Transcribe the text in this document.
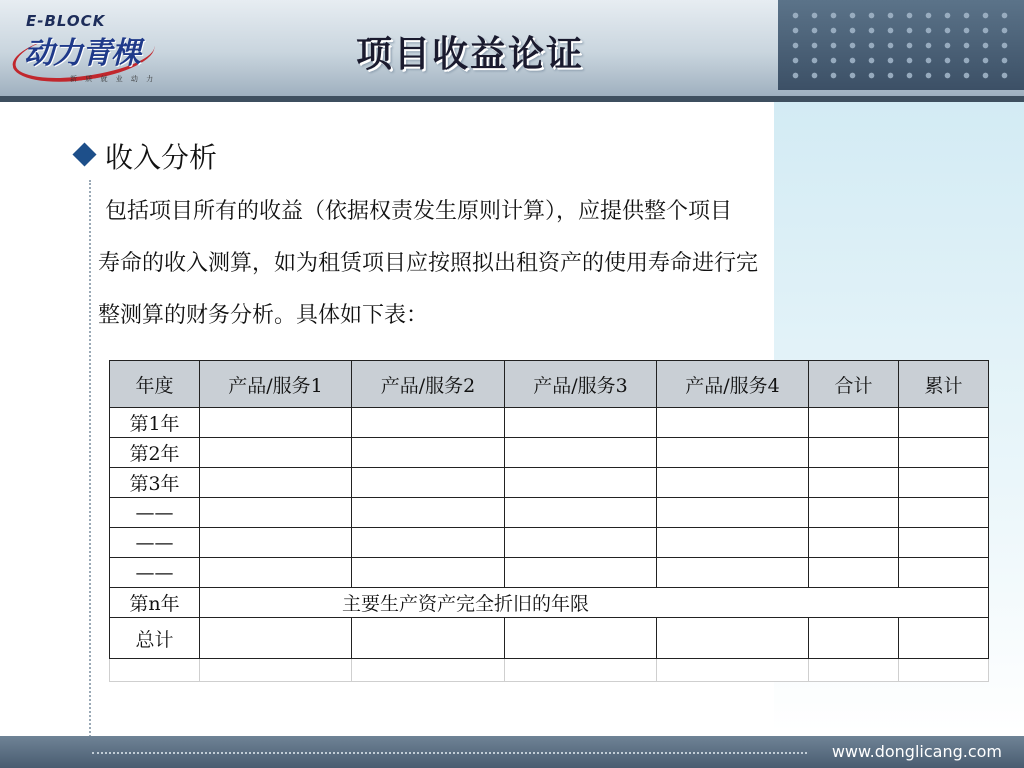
E-BLOCK
动力青棵
新 质 就 业 动 力
项目收益论证
收入分析
包括项目所有的收益（依据权责发生原则计算），应提供整个项目
寿命的收入测算，如为租赁项目应按照拟出租资产的使用寿命进行完
整测算的财务分析。具体如下表：
年度	产品/服务1	产品/服务2	产品/服务3	产品/服务4	合计	累计
第1年						
第2年						
第3年						
——						
——						
——						
第n年	主要生产资产完全折旧的年限					
总计						

www.donglicang.com
